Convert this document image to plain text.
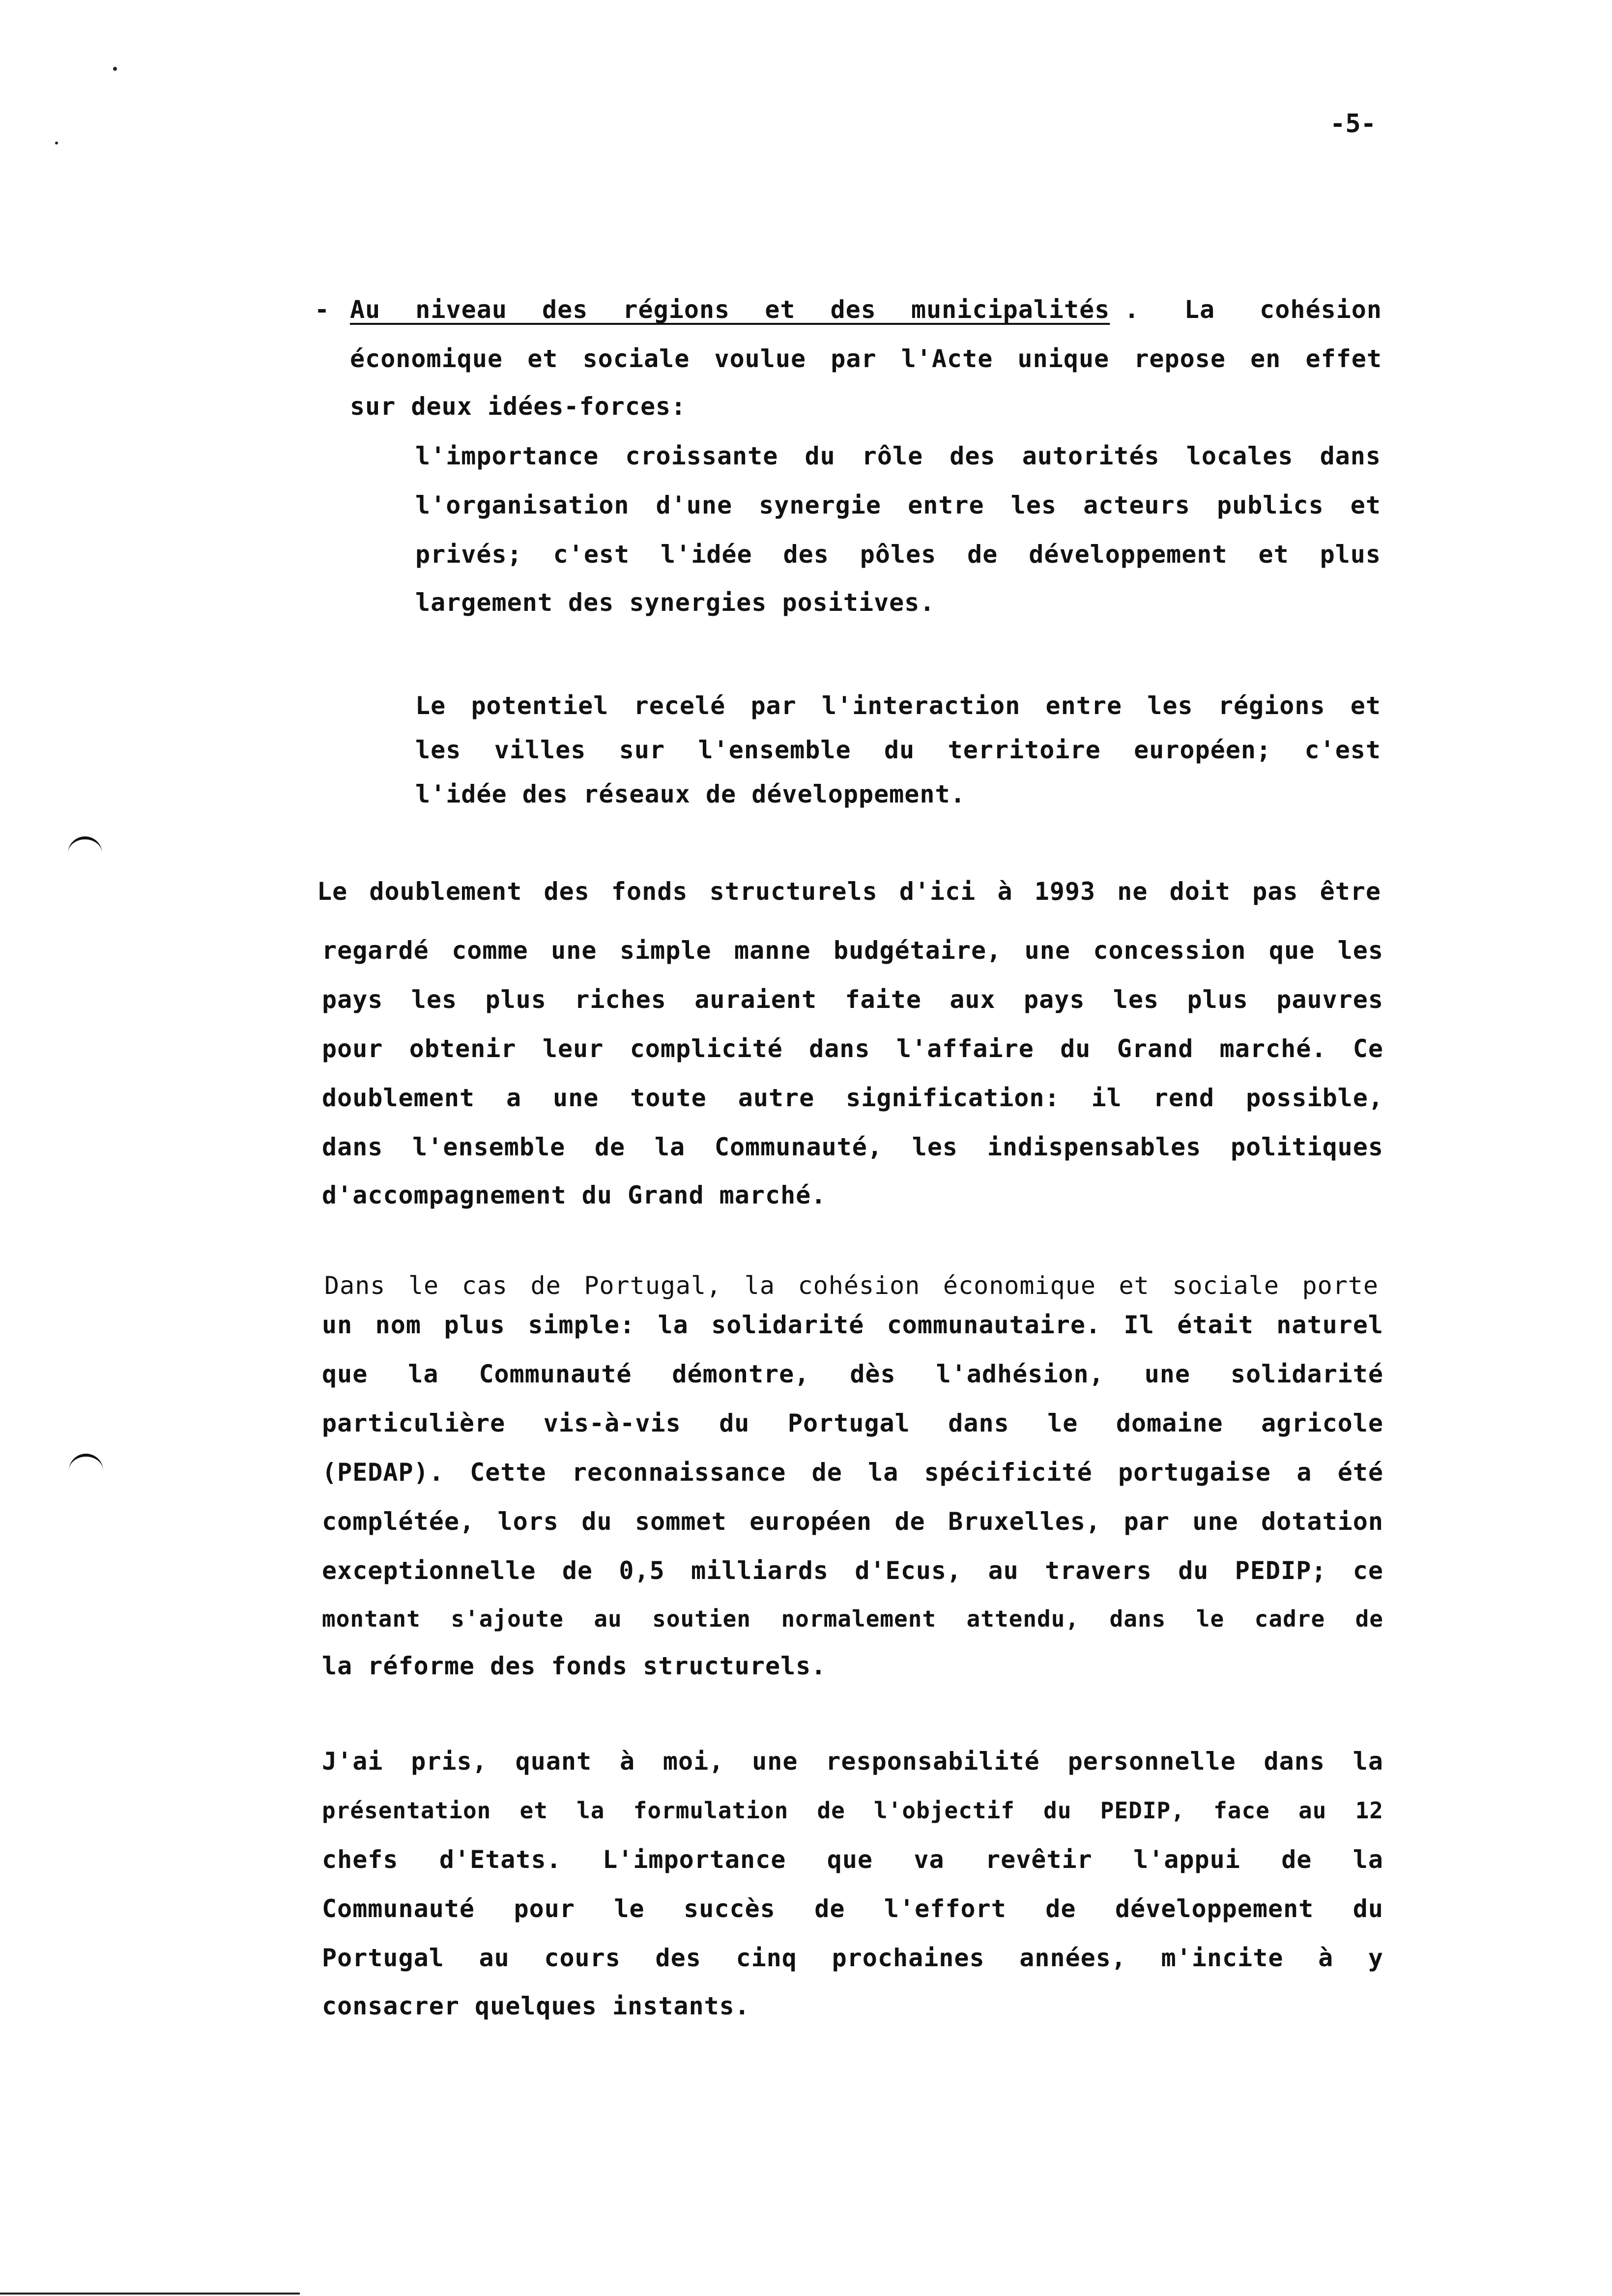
-5-
- Au niveau des régions et des municipalités . La cohésion
économique et sociale voulue par l'Acte unique repose en effet
sur deux idées-forces:
l'importance croissante du rôle des autorités locales dans
l'organisation d'une synergie entre les acteurs publics et
privés; c'est l'idée des pôles de développement et plus
largement des synergies positives.
Le potentiel recelé par l'interaction entre les régions et
les villes sur l'ensemble du territoire européen; c'est
l'idée des réseaux de développement.
Le doublement des fonds structurels d'ici à 1993 ne doit pas être
regardé comme une simple manne budgétaire, une concession que les
pays les plus riches auraient faite aux pays les plus pauvres
pour obtenir leur complicité dans l'affaire du Grand marché. Ce
doublement a une toute autre signification: il rend possible,
dans l'ensemble de la Communauté, les indispensables politiques
d'accompagnement du Grand marché.
Dans le cas de Portugal, la cohésion économique et sociale porte
un nom plus simple: la solidarité communautaire. Il était naturel
que la Communauté démontre, dès l'adhésion, une solidarité
particulière vis-à-vis du Portugal dans le domaine agricole
(PEDAP). Cette reconnaissance de la spécificité portugaise a été
complétée, lors du sommet européen de Bruxelles, par une dotation
exceptionnelle de 0,5 milliards d'Ecus, au travers du PEDIP; ce
montant s'ajoute au soutien normalement attendu, dans le cadre de
la réforme des fonds structurels.
J'ai pris, quant à moi, une responsabilité personnelle dans la
présentation et la formulation de l'objectif du PEDIP, face au 12
chefs d'Etats. L'importance que va revêtir l'appui de la
Communauté pour le succès de l'effort de développement du
Portugal au cours des cinq prochaines années, m'incite à y
consacrer quelques instants.
